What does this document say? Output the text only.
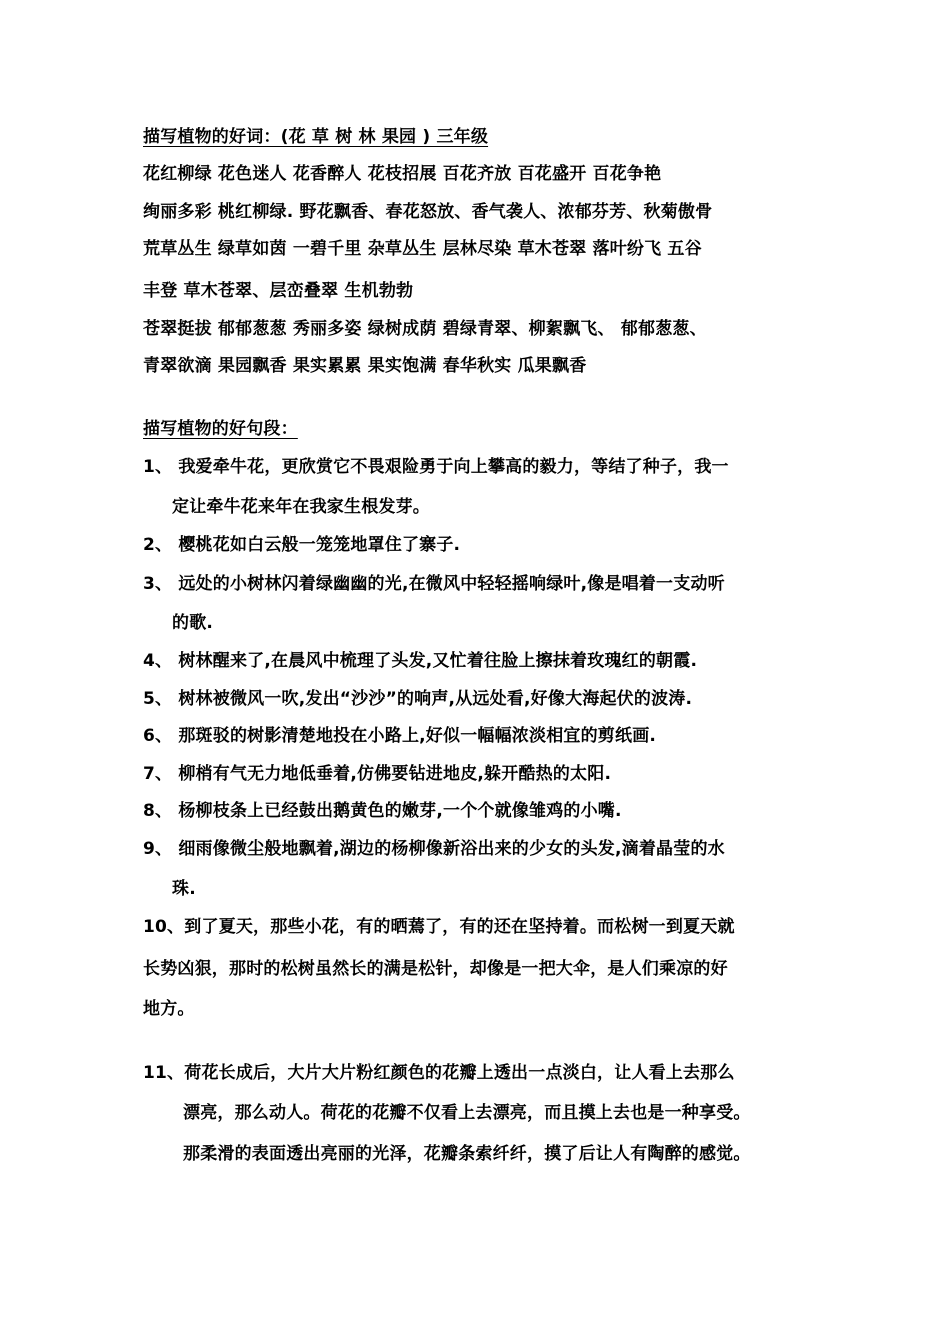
描写植物的好词：(花 草 树 林 果园 ) 三年级
花红柳绿 花色迷人 花香醉人 花枝招展 百花齐放 百花盛开 百花争艳
绚丽多彩 桃红柳绿. 野花飘香、春花怒放、香气袭人、浓郁芬芳、秋菊傲骨
荒草丛生 绿草如茵 一碧千里 杂草丛生 层林尽染 草木苍翠 落叶纷飞 五谷
丰登 草木苍翠、层峦叠翠 生机勃勃
苍翠挺拔 郁郁葱葱 秀丽多姿 绿树成荫 碧绿青翠、柳絮飘飞、 郁郁葱葱、
青翠欲滴 果园飘香 果实累累 果实饱满 春华秋实 瓜果飘香
描写植物的好句段：
1、 我爱牵牛花，更欣赏它不畏艰险勇于向上攀高的毅力，等结了种子，我一
定让牵牛花来年在我家生根发芽。
2、 樱桃花如白云般一笼笼地罩住了寨子.
3、 远处的小树林闪着绿幽幽的光,在微风中轻轻摇响绿叶,像是唱着一支动听
的歌.
4、 树林醒来了,在晨风中梳理了头发,又忙着往脸上擦抹着玫瑰红的朝霞.
5、 树林被微风一吹,发出“沙沙”的响声,从远处看,好像大海起伏的波涛.
6、 那斑驳的树影清楚地投在小路上,好似一幅幅浓淡相宜的剪纸画.
7、 柳梢有气无力地低垂着,仿佛要钻进地皮,躲开酷热的太阳.
8、 杨柳枝条上已经鼓出鹅黄色的嫩芽,一个个就像雏鸡的小嘴.
9、 细雨像微尘般地飘着,湖边的杨柳像新浴出来的少女的头发,滴着晶莹的水
珠.
10、到了夏天，那些小花，有的晒蔫了，有的还在坚持着。而松树一到夏天就
长势凶狠，那时的松树虽然长的满是松针，却像是一把大伞，是人们乘凉的好
地方。
11、荷花长成后，大片大片粉红颜色的花瓣上透出一点淡白，让人看上去那么
漂亮，那么动人。荷花的花瓣不仅看上去漂亮，而且摸上去也是一种享受。
那柔滑的表面透出亮丽的光泽，花瓣条索纤纤，摸了后让人有陶醉的感觉。
